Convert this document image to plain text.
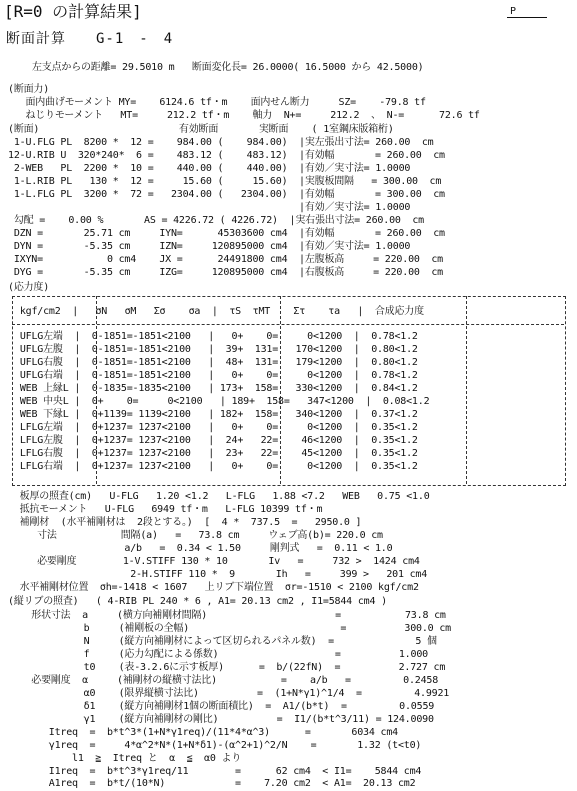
[R=0 の計算結果]	P
断面計算　　G-1　-　4
左支点からの距離= 29.5010 m   断面変化長= 26.0000( 16.5000 から 42.5000)
(断面力)
面内曲げモーメント MY=    6124.6 tf・m    面内せん断力     SZ=    -79.8 tf
ねじりモーメント   MT=     212.2 tf・m    軸力  N+=     212.2  、 N-=      72.6 tf
(断面)                        有効断面       実断面    ( 1室鋼床版箱桁)
1-U.FLG PL  8200 *  12 =    984.00 (    984.00)  |実左張出寸法= 260.00  cm
12-U.RIB U  320*240*  6 =    483.12 (    483.12)  |有効幅       = 260.00  cm
2-WEB   PL  2200 *  10 =    440.00 (    440.00)  |有効／実寸法= 1.0000
1-L.RIB PL   130 *  12 =     15.60 (     15.60)  |実腹板間隔   = 300.00  cm
1-L.FLG PL  3200 *  72 =   2304.00 (   2304.00)  |有効幅       = 300.00  cm
|有効／実寸法= 1.0000
勾配 =    0.00 %       AS = 4226.72 ( 4226.72)  |実右張出寸法= 260.00  cm
DZN =       25.71 cm     IYN=      45303600 cm4  |有効幅       = 260.00  cm
DYN =       -5.35 cm     IZN=     120895000 cm4  |有効／実寸法= 1.0000
IXYN=           0 cm4    JX =      24491800 cm4  |左腹板高     = 220.00  cm
DYG =       -5.35 cm     IZG=     120895000 cm4  |右腹板高     = 220.00  cm
(応力度)
kgf/cm2  |   σN   σM   Σσ    σa  |  τS  τMT    Στ    τa   |  合成応力度
UFLG左端  |  0-1851=-1851<2100   |   0+    0=     0<1200  |  0.78<1.2
UFLG左腹  |  0-1851=-1851<2100   |  39+  131=   170<1200  |  0.80<1.2
UFLG右腹  |  0-1851=-1851<2100   |  48+  131=   179<1200  |  0.80<1.2
UFLG右端  |  0-1851=-1851<2100   |   0+    0=     0<1200  |  0.78<1.2
WEB 上縁L |  0-1835=-1835<2100   | 173+  158=   330<1200  |  0.84<1.2
WEB 中央L |  0+    0=     0<2100   | 189+  158=   347<1200  |  0.08<1.2
WEB 下縁L |  0+1139= 1139<2100   | 182+  158=   340<1200  |  0.37<1.2
LFLG左端  |  0+1237= 1237<2100   |   0+    0=     0<1200  |  0.35<1.2
LFLG左腹  |  0+1237= 1237<2100   |  24+   22=    46<1200  |  0.35<1.2
LFLG右腹  |  0+1237= 1237<2100   |  23+   22=    45<1200  |  0.35<1.2
LFLG右端  |  0+1237= 1237<2100   |   0+    0=     0<1200  |  0.35<1.2
板厚の照査(cm)   U-FLG   1.20 <1.2   L-FLG   1.88 <7.2   WEB   0.75 <1.0
抵抗モーメント   U-FLG   6949 tf・m   L-FLG 10399 tf・m
補剛材  (水平補剛材は  2段とする。)  [  4 *  737.5  =   2950.0 ]
寸法           間隔(a)   =   73.8 cm     ウェブ高(b)= 220.0 cm
a/b   =  0.34 < 1.50     剛判式   =  0.11 < 1.0
必要剛度        1-V.STIFF 130 * 10       Iv   =     732 >  1424 cm4
2-H.STIFF 110 *  9       Ih   =     399 >   201 cm4
水平補剛材位置  σh=-1418 < 1607   上リブ下端位置  σr=-1510 < 2100 kgf/cm2
(縦リブの照査)   ( 4-RIB PL 240 * 6 , A1= 20.13 cm2 , I1=5844 cm4 )
形状寸法  a     (横方向補剛材間隔)                      =           73.8 cm
b     (補剛板の全幅)                          =          300.0 cm
N     (縦方向補剛材によって区切られるパネル数)  =              5 個
f     (応力勾配による係数)                    =          1.000
t0    (表-3.2.6に示す板厚)      =  b/(22fN)  =          2.727 cm
必要剛度  α     (補剛材の縦横寸法比)           =    a/b   =         0.2458
α0    (限界縦横寸法比)          =  (1+N*γ1)^1/4  =         4.9921
δ1    (縦方向補剛材1個の断面積比)  =  A1/(b*t)  =         0.0559
γ1    (縦方向補剛材の剛比)          =  I1/(b*t^3/11) = 124.0090
Itreq  =  b*t^3*(1+N*γ1req)/(11*4*α^3)      =       6034 cm4
γ1req  =     4*α^2*N*(1+N*δ1)-(α^2+1)^2/N    =       1.32 (t<t0)
l1  ≧  Itreq と  α  ≦  α0 より
I1req  =  b*t^3*γ1req/11        =      62 cm4  < I1=    5844 cm4
A1req  =  b*t/(10*N)            =    7.20 cm2  < A1=  20.13 cm2
